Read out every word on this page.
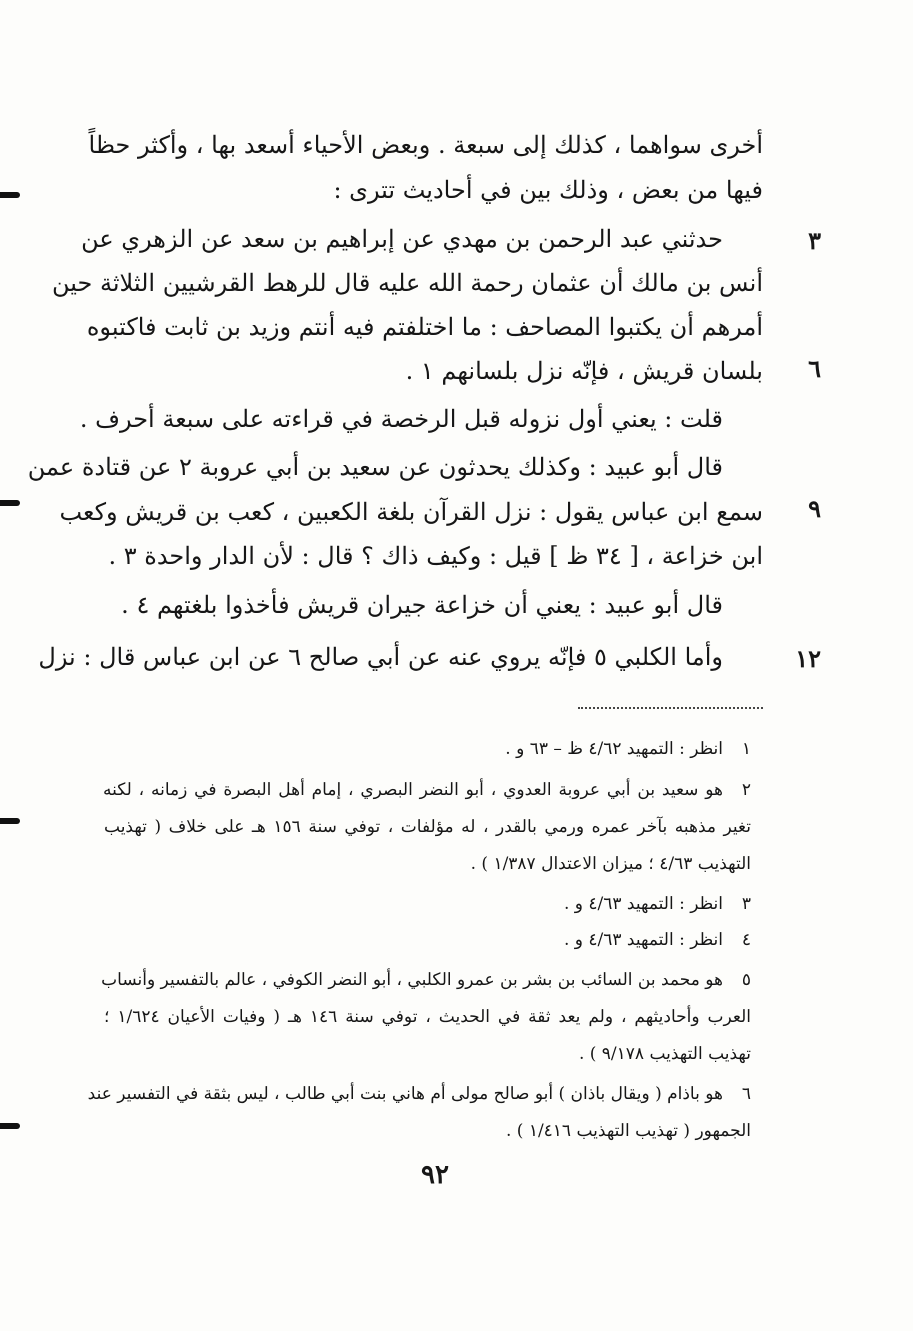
أخرى سواهما ، كذلك إلى سبعة . وبعض الأحياء أسعد بها ، وأكثر حظاً
فيها من بعض ، وذلك بين في أحاديث تترى :
حدثني عبد الرحمن بن مهدي عن إبراهيم بن سعد عن الزهري عن
أنس بن مالك أن عثمان رحمة الله عليه قال للرهط القرشيين الثلاثة حين
أمرهم أن يكتبوا المصاحف : ما اختلفتم فيه أنتم وزيد بن ثابت فاكتبوه
بلسان قريش ، فإنّه نزل بلسانهم ١ .
قلت : يعني أول نزوله قبل الرخصة في قراءته على سبعة أحرف .
قال أبو عبيد : وكذلك يحدثون عن سعيد بن أبي عروبة ٢ عن قتادة عمن
سمع ابن عباس يقول : نزل القرآن بلغة الكعبين ، كعب بن قريش وكعب
ابن خزاعة ، [ ٣٤ ظ ] قيل : وكيف ذاك ؟ قال : لأن الدار واحدة ٣ .
قال أبو عبيد : يعني أن خزاعة جيران قريش فأخذوا بلغتهم ٤ .
وأما الكلبي ٥ فإنّه يروي عنه عن أبي صالح ٦ عن ابن عباس قال : نزل
٣
٦
٩
١٢
١
انظر : التمهيد ٤/٦٢ ظ – ٦٣ و .
٢
هو سعيد بن أبي عروبة العدوي ، أبو النضر البصري ، إمام أهل البصرة في زمانه ، لكنه
تغير مذهبه بآخر عمره ورمي بالقدر ، له مؤلفات ، توفي سنة ١٥٦ هـ على خلاف ( تهذيب
التهذيب ٤/٦٣ ؛ ميزان الاعتدال ١/٣٨٧ ) .
٣
انظر : التمهيد ٤/٦٣ و .
٤
انظر : التمهيد ٤/٦٣ و .
٥
هو محمد بن السائب بن بشر بن عمرو الكلبي ، أبو النضر الكوفي ، عالم بالتفسير وأنساب
العرب وأحاديثهم ، ولم يعد ثقة في الحديث ، توفي سنة ١٤٦ هـ ( وفيات الأعيان ١/٦٢٤ ؛
تهذيب التهذيب ٩/١٧٨ ) .
٦
هو باذام ( ويقال باذان ) أبو صالح مولى أم هاني بنت أبي طالب ، ليس بثقة في التفسير عند
الجمهور ( تهذيب التهذيب ١/٤١٦ ) .
٩٢
